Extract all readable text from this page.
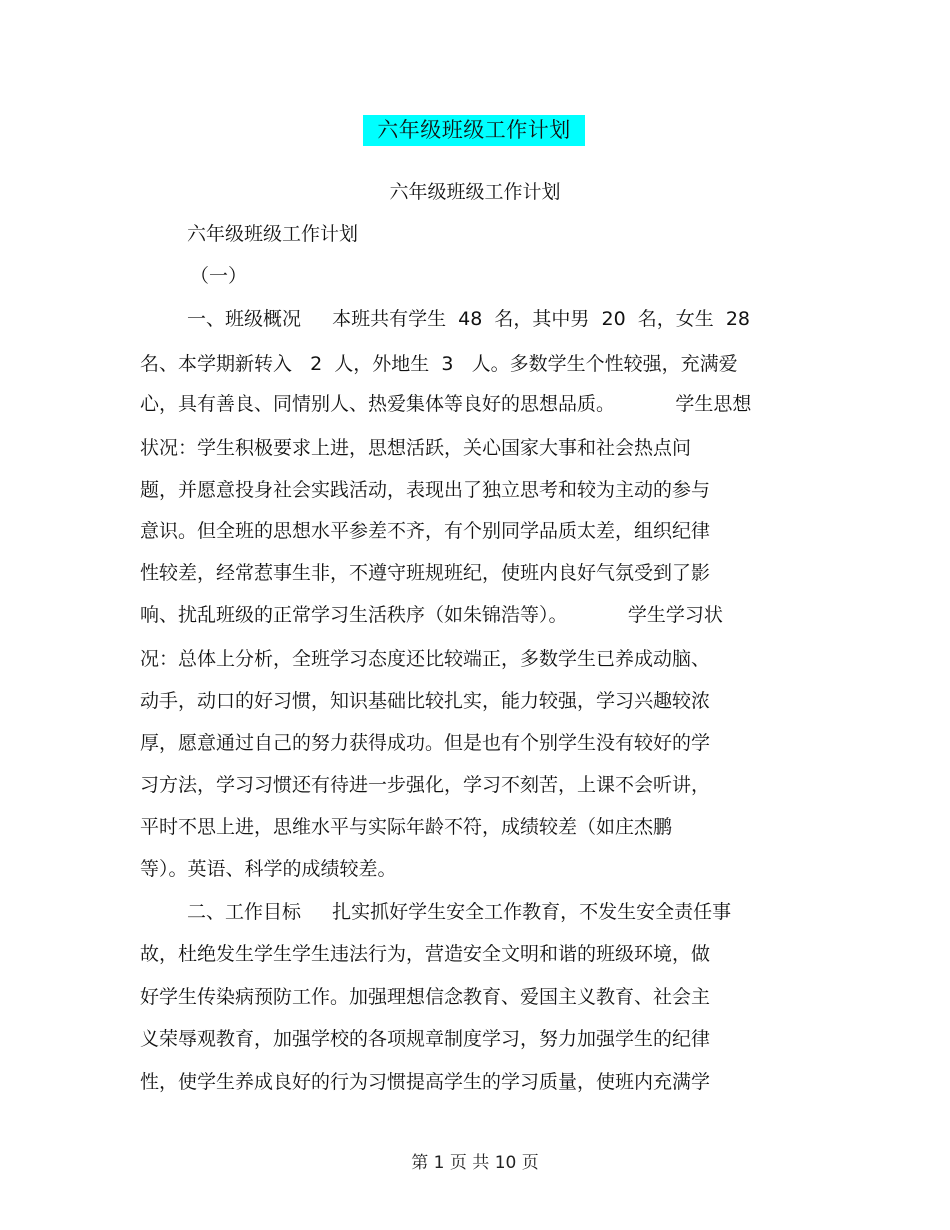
六年级班级工作计划
六年级班级工作计划
六年级班级工作计划
（一）
一、班级概况　  本班共有学生  48  名，其中男  20  名，女生  28
名、本学期新转入   2  人，外地生  3   人。多数学生个性较强，充满爱
心，具有善良、同情别人、热爱集体等良好的思想品质。          学生思想
状况：学生积极要求上进，思想活跃，关心国家大事和社会热点问
题，并愿意投身社会实践活动，表现出了独立思考和较为主动的参与
意识。但全班的思想水平参差不齐，有个别同学品质太差，组织纪律
性较差，经常惹事生非，不遵守班规班纪，使班内良好气氛受到了影
响、扰乱班级的正常学习生活秩序（如朱锦浩等）。          学生学习状
况：总体上分析，全班学习态度还比较端正，多数学生已养成动脑、
动手，动口的好习惯，知识基础比较扎实，能力较强，学习兴趣较浓
厚，愿意通过自己的努力获得成功。但是也有个别学生没有较好的学
习方法，学习习惯还有待进一步强化，学习不刻苦，上课不会听讲，
平时不思上进，思维水平与实际年龄不符，成绩较差（如庄杰鹏
等）。英语、科学的成绩较差。
二、工作目标　  扎实抓好学生安全工作教育，不发生安全责任事
故，杜绝发生学生学生违法行为，营造安全文明和谐的班级环境，做
好学生传染病预防工作。加强理想信念教育、爱国主义教育、社会主
义荣辱观教育，加强学校的各项规章制度学习，努力加强学生的纪律
性，使学生养成良好的行为习惯提高学生的学习质量，使班内充满学
第 1 页 共 10 页
